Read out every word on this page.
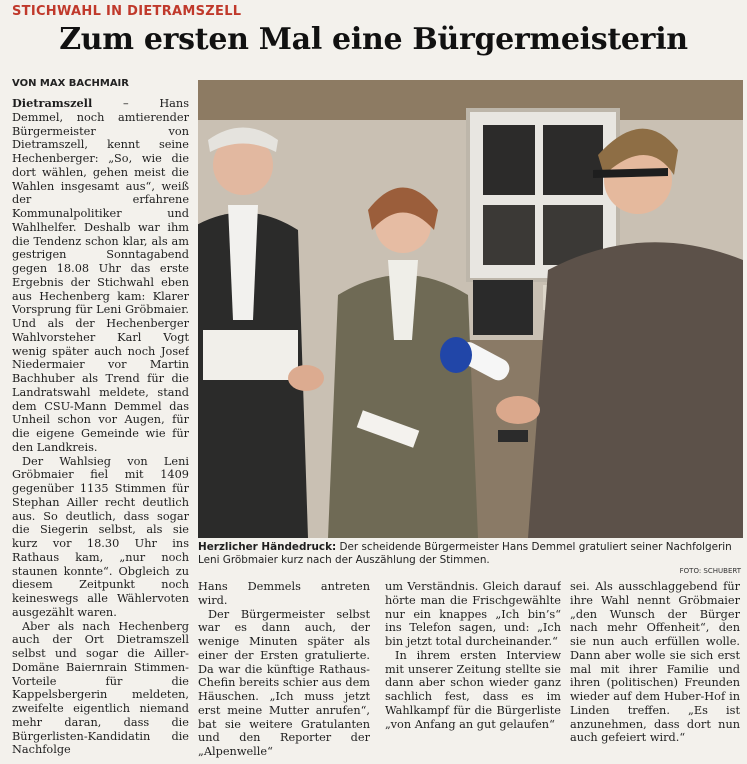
STICHWAHL IN DIETRAMSZELL
Zum ersten Mal eine Bürgermeisterin
VON MAX BACHMAIR

Dietramszell – Hans Demmel, noch amtierender Bürgermeister von Dietramszell, kennt seine Hechenberger: „So, wie die dort wählen, gehen meist die Wahlen insgesamt aus“, weiß der erfahrene Kommunalpolitiker und Wahlhelfer. Deshalb war ihm die Tendenz schon klar, als am gestrigen Sonntagabend gegen 18.08 Uhr das erste Ergebnis der Stichwahl eben aus Hechenberg kam: Klarer Vorsprung für Leni Gröbmaier. Und als der Hechenberger Wahlvorsteher Karl Vogt wenig später auch noch Josef Niedermaier vor Martin Bachhuber als Trend für die Landratswahl meldete, stand dem CSU-Mann Demmel das Unheil schon vor Augen, für die eigene Gemeinde wie für den Landkreis.

Der Wahlsieg von Leni Gröbmaier fiel mit 1409 gegenüber 1135 Stimmen für Stephan Ailler recht deutlich aus. So deutlich, dass sogar die Siegerin selbst, als sie kurz vor 18.30 Uhr ins Rathaus kam, „nur noch staunen konnte“. Obgleich zu diesem Zeitpunkt noch keineswegs alle Wählervoten ausgezählt waren.

Aber als nach Hechenberg auch der Ort Dietramszell selbst und sogar die Ailler-Domäne Baiernrain Stimmen-Vorteile für die Kappelsbergerin meldeten, zweifelte eigentlich niemand mehr daran, dass die Bürgerlisten-Kandidatin die Nachfolge

Herzlicher Händedruck: Der scheidende Bürgermeister Hans Demmel gratuliert seiner Nachfolgerin Leni Gröbmaier kurz nach der Auszählung der Stimmen.
FOTO: SCHUBERT

Hans Demmels antreten wird.

Der Bürgermeister selbst war es dann auch, der wenige Minuten später als einer der Ersten gratulierte. Da war die künftige Rathaus-Chefin bereits schier aus dem Häuschen. „Ich muss jetzt erst meine Mutter anrufen“, bat sie weitere Gratulanten und den Reporter der „Alpenwelle“

um Verständnis. Gleich darauf hörte man die Frischgewählte nur ein knappes „Ich bin’s“ ins Telefon sagen, und: „Ich bin jetzt total durcheinander.“

In ihrem ersten Interview mit unserer Zeitung stellte sie dann aber schon wieder ganz sachlich fest, dass es im Wahlkampf für die Bürgerliste „von Anfang an gut gelaufen“

sei. Als ausschlaggebend für ihre Wahl nennt Gröbmaier „den Wunsch der Bürger nach mehr Offenheit“, den sie nun auch erfüllen wolle. Dann aber wolle sie sich erst mal mit ihrer Familie und ihren (politischen) Freunden wieder auf dem Huber-Hof in Linden treffen. „Es ist anzunehmen, dass dort nun auch gefeiert wird.“
